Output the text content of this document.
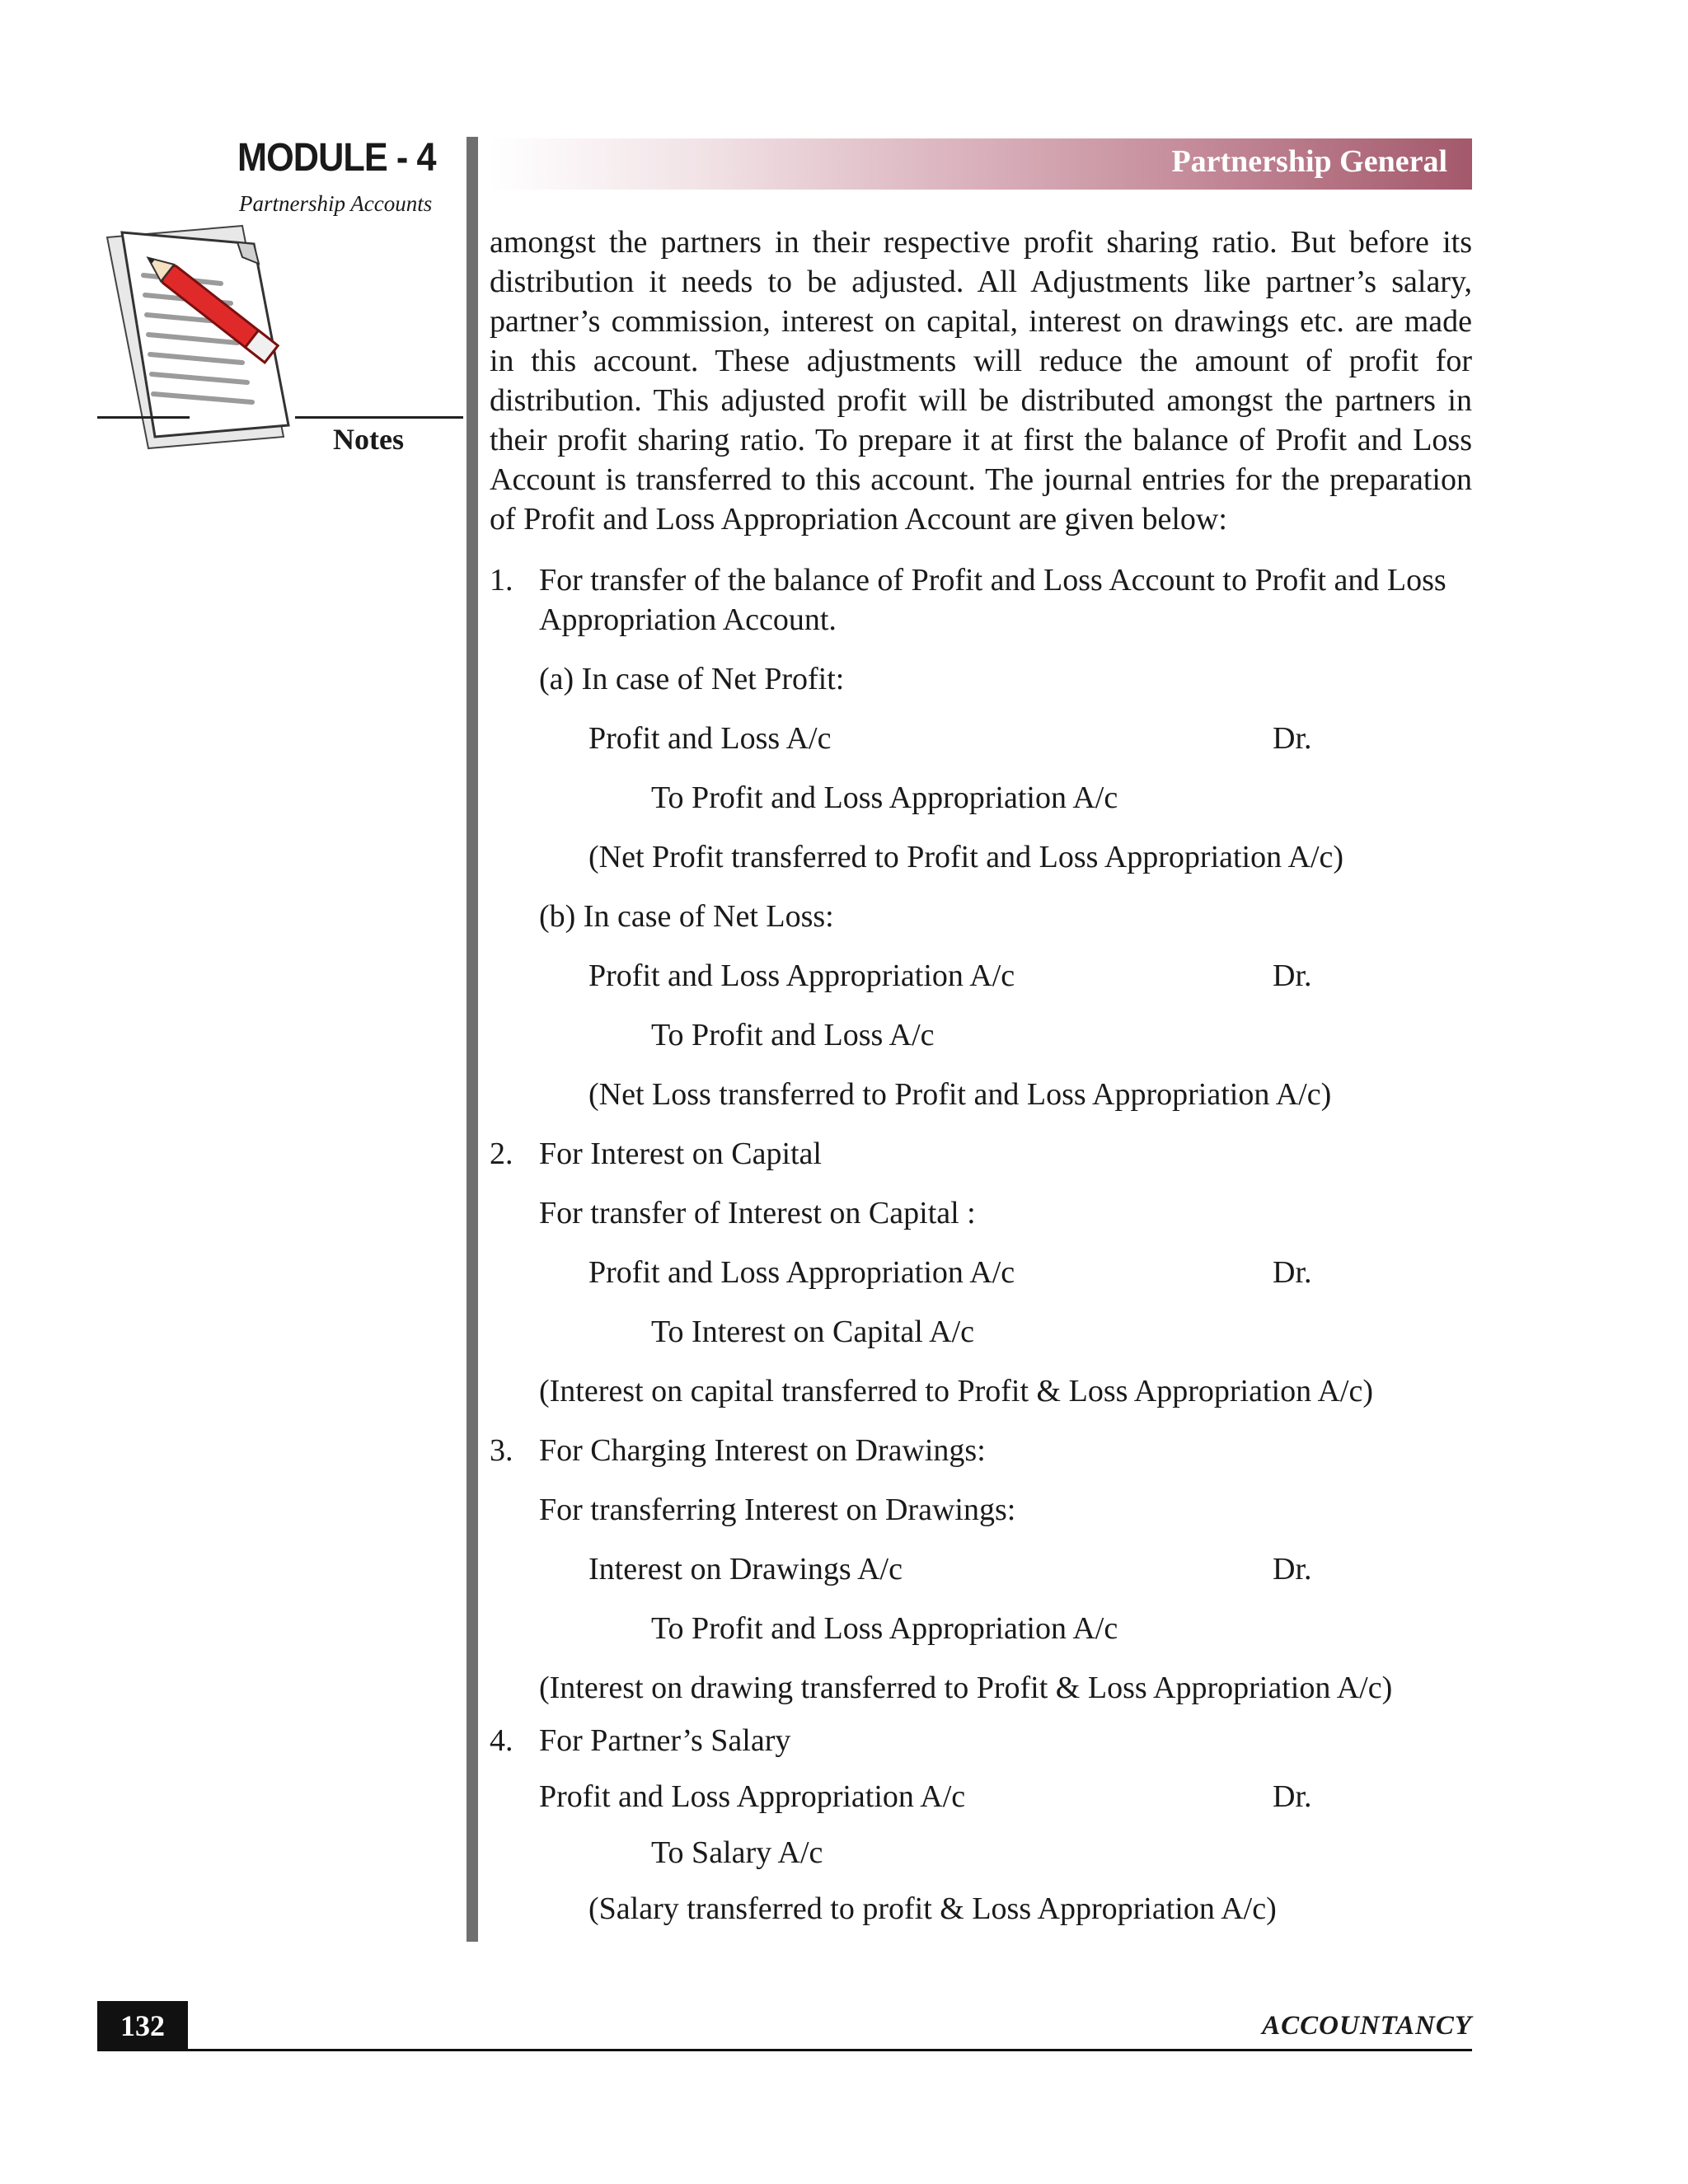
MODULE - 4
Partnership Accounts
Notes
Partnership General

amongst the partners in their respective profit sharing ratio. But before its distribution it needs to be adjusted. All Adjustments like partner’s salary, partner’s commission, interest on capital, interest on drawings etc. are made in this account. These adjustments will reduce the amount of profit for distribution. This adjusted profit will be distributed amongst the partners in their profit sharing ratio. To prepare it at first the balance of Profit and Loss Account is transferred to this account. The journal entries for the preparation of Profit and Loss Appropriation Account are given below:

1. For transfer of the balance of Profit and Loss Account to Profit and Loss Appropriation Account.
(a) In case of Net Profit:
Profit and Loss A/c	Dr.
To Profit and Loss Appropriation A/c
(Net Profit transferred to Profit and Loss Appropriation A/c)
(b) In case of Net Loss:
Profit and Loss Appropriation A/c	Dr.
To Profit and Loss A/c
(Net Loss transferred to Profit and Loss Appropriation A/c)
2. For Interest on Capital
For transfer of Interest on Capital :
Profit and Loss Appropriation A/c	Dr.
To Interest on Capital A/c
(Interest on capital transferred to Profit & Loss Appropriation A/c)
3. For Charging Interest on Drawings:
For transferring Interest on Drawings:
Interest on Drawings A/c	Dr.
To Profit and Loss Appropriation A/c
(Interest on drawing transferred to Profit & Loss Appropriation A/c)
4. For Partner’s Salary
Profit and Loss Appropriation A/c	Dr.
To Salary A/c
(Salary transferred to profit & Loss Appropriation A/c)
132	ACCOUNTANCY
